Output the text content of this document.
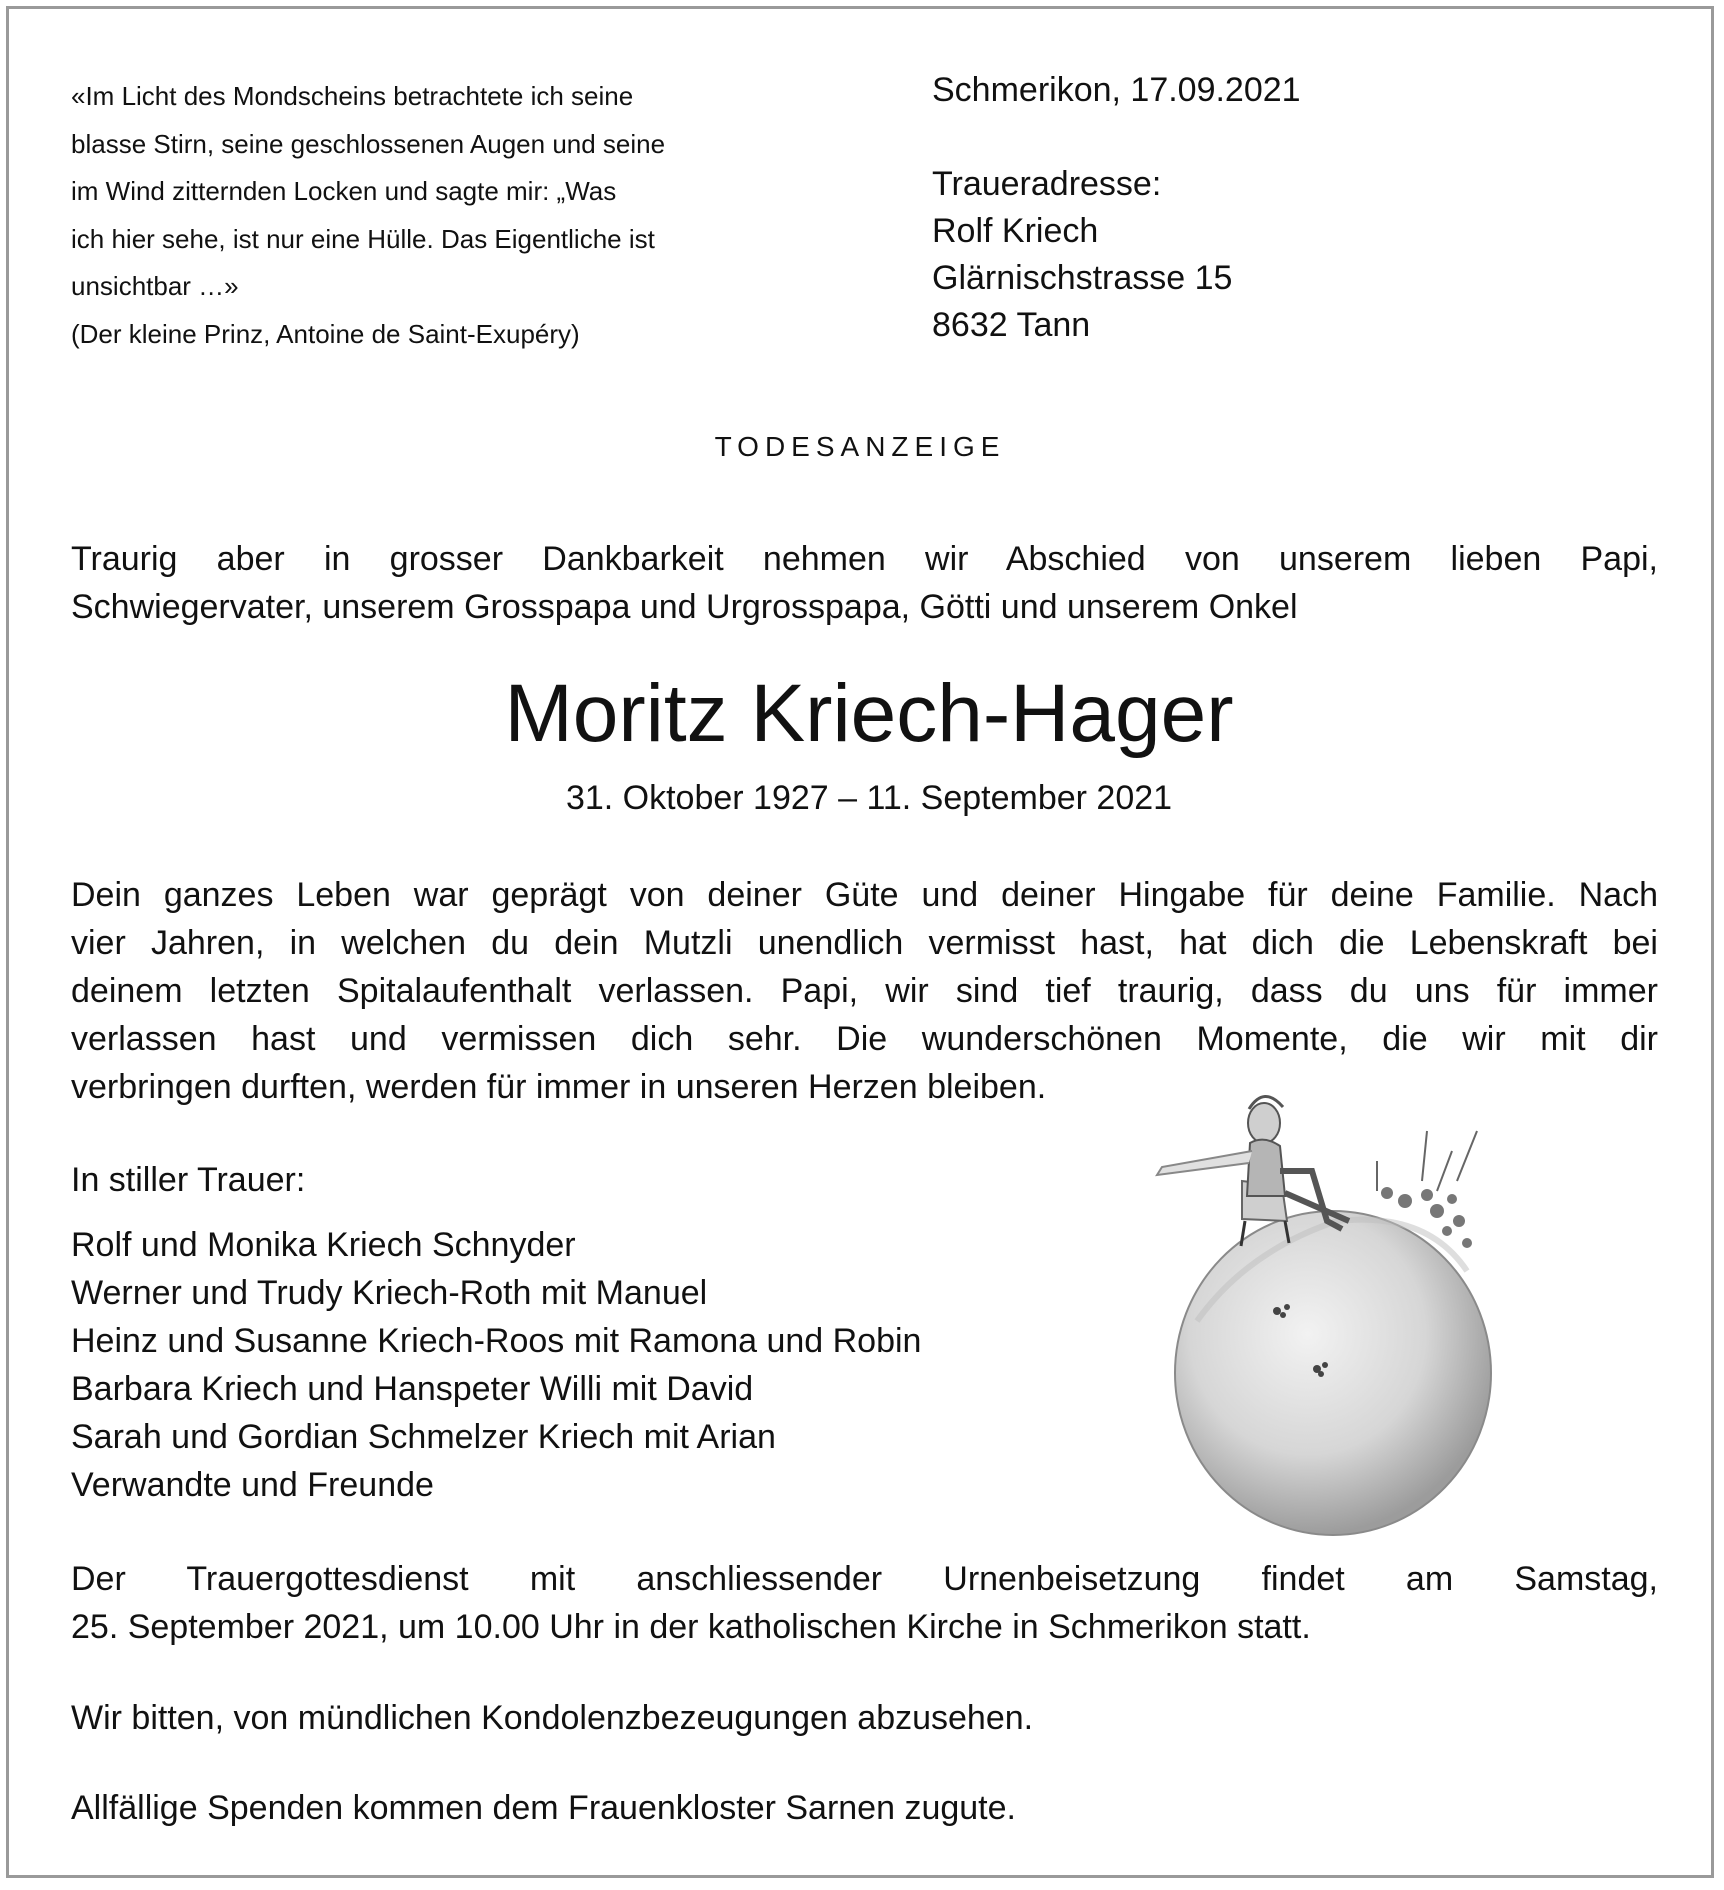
«Im Licht des Mondscheins betrachtete ich seine
blasse Stirn, seine geschlossenen Augen und seine
im Wind zitternden Locken und sagte mir: „Was
ich hier sehe, ist nur eine Hülle. Das Eigentliche ist
unsichtbar …»
(Der kleine Prinz, Antoine de Saint-Exupéry)
Schmerikon, 17.09.2021
Traueradresse:
Rolf Kriech
Glärnischstrasse 15
8632 Tann
TODESANZEIGE
Traurig aber in grosser Dankbarkeit nehmen wir Abschied von unserem lieben Papi,
Schwiegervater, unserem Grosspapa und Urgrosspapa, Götti und unserem Onkel
Moritz Kriech-Hager
31. Oktober 1927 – 11. September 2021
Dein ganzes Leben war geprägt von deiner Güte und deiner Hingabe für deine Familie. Nach
vier Jahren, in welchen du dein Mutzli unendlich vermisst hast, hat dich die Lebenskraft bei
deinem letzten Spitalaufenthalt verlassen. Papi, wir sind tief traurig, dass du uns für immer
verlassen hast und vermissen dich sehr. Die wunderschönen Momente, die wir mit dir
verbringen durften, werden für immer in unseren Herzen bleiben.
In stiller Trauer:
Rolf und Monika Kriech Schnyder
Werner und Trudy Kriech-Roth mit Manuel
Heinz und Susanne Kriech-Roos mit Ramona und Robin
Barbara Kriech und Hanspeter Willi mit David
Sarah und Gordian Schmelzer Kriech mit Arian
Verwandte und Freunde
Der Trauergottesdienst mit anschliessender Urnenbeisetzung findet am Samstag,
25. September 2021, um 10.00 Uhr in der katholischen Kirche in Schmerikon statt.
Wir bitten, von mündlichen Kondolenzbezeugungen abzusehen.
Allfällige Spenden kommen dem Frauenkloster Sarnen zugute.
